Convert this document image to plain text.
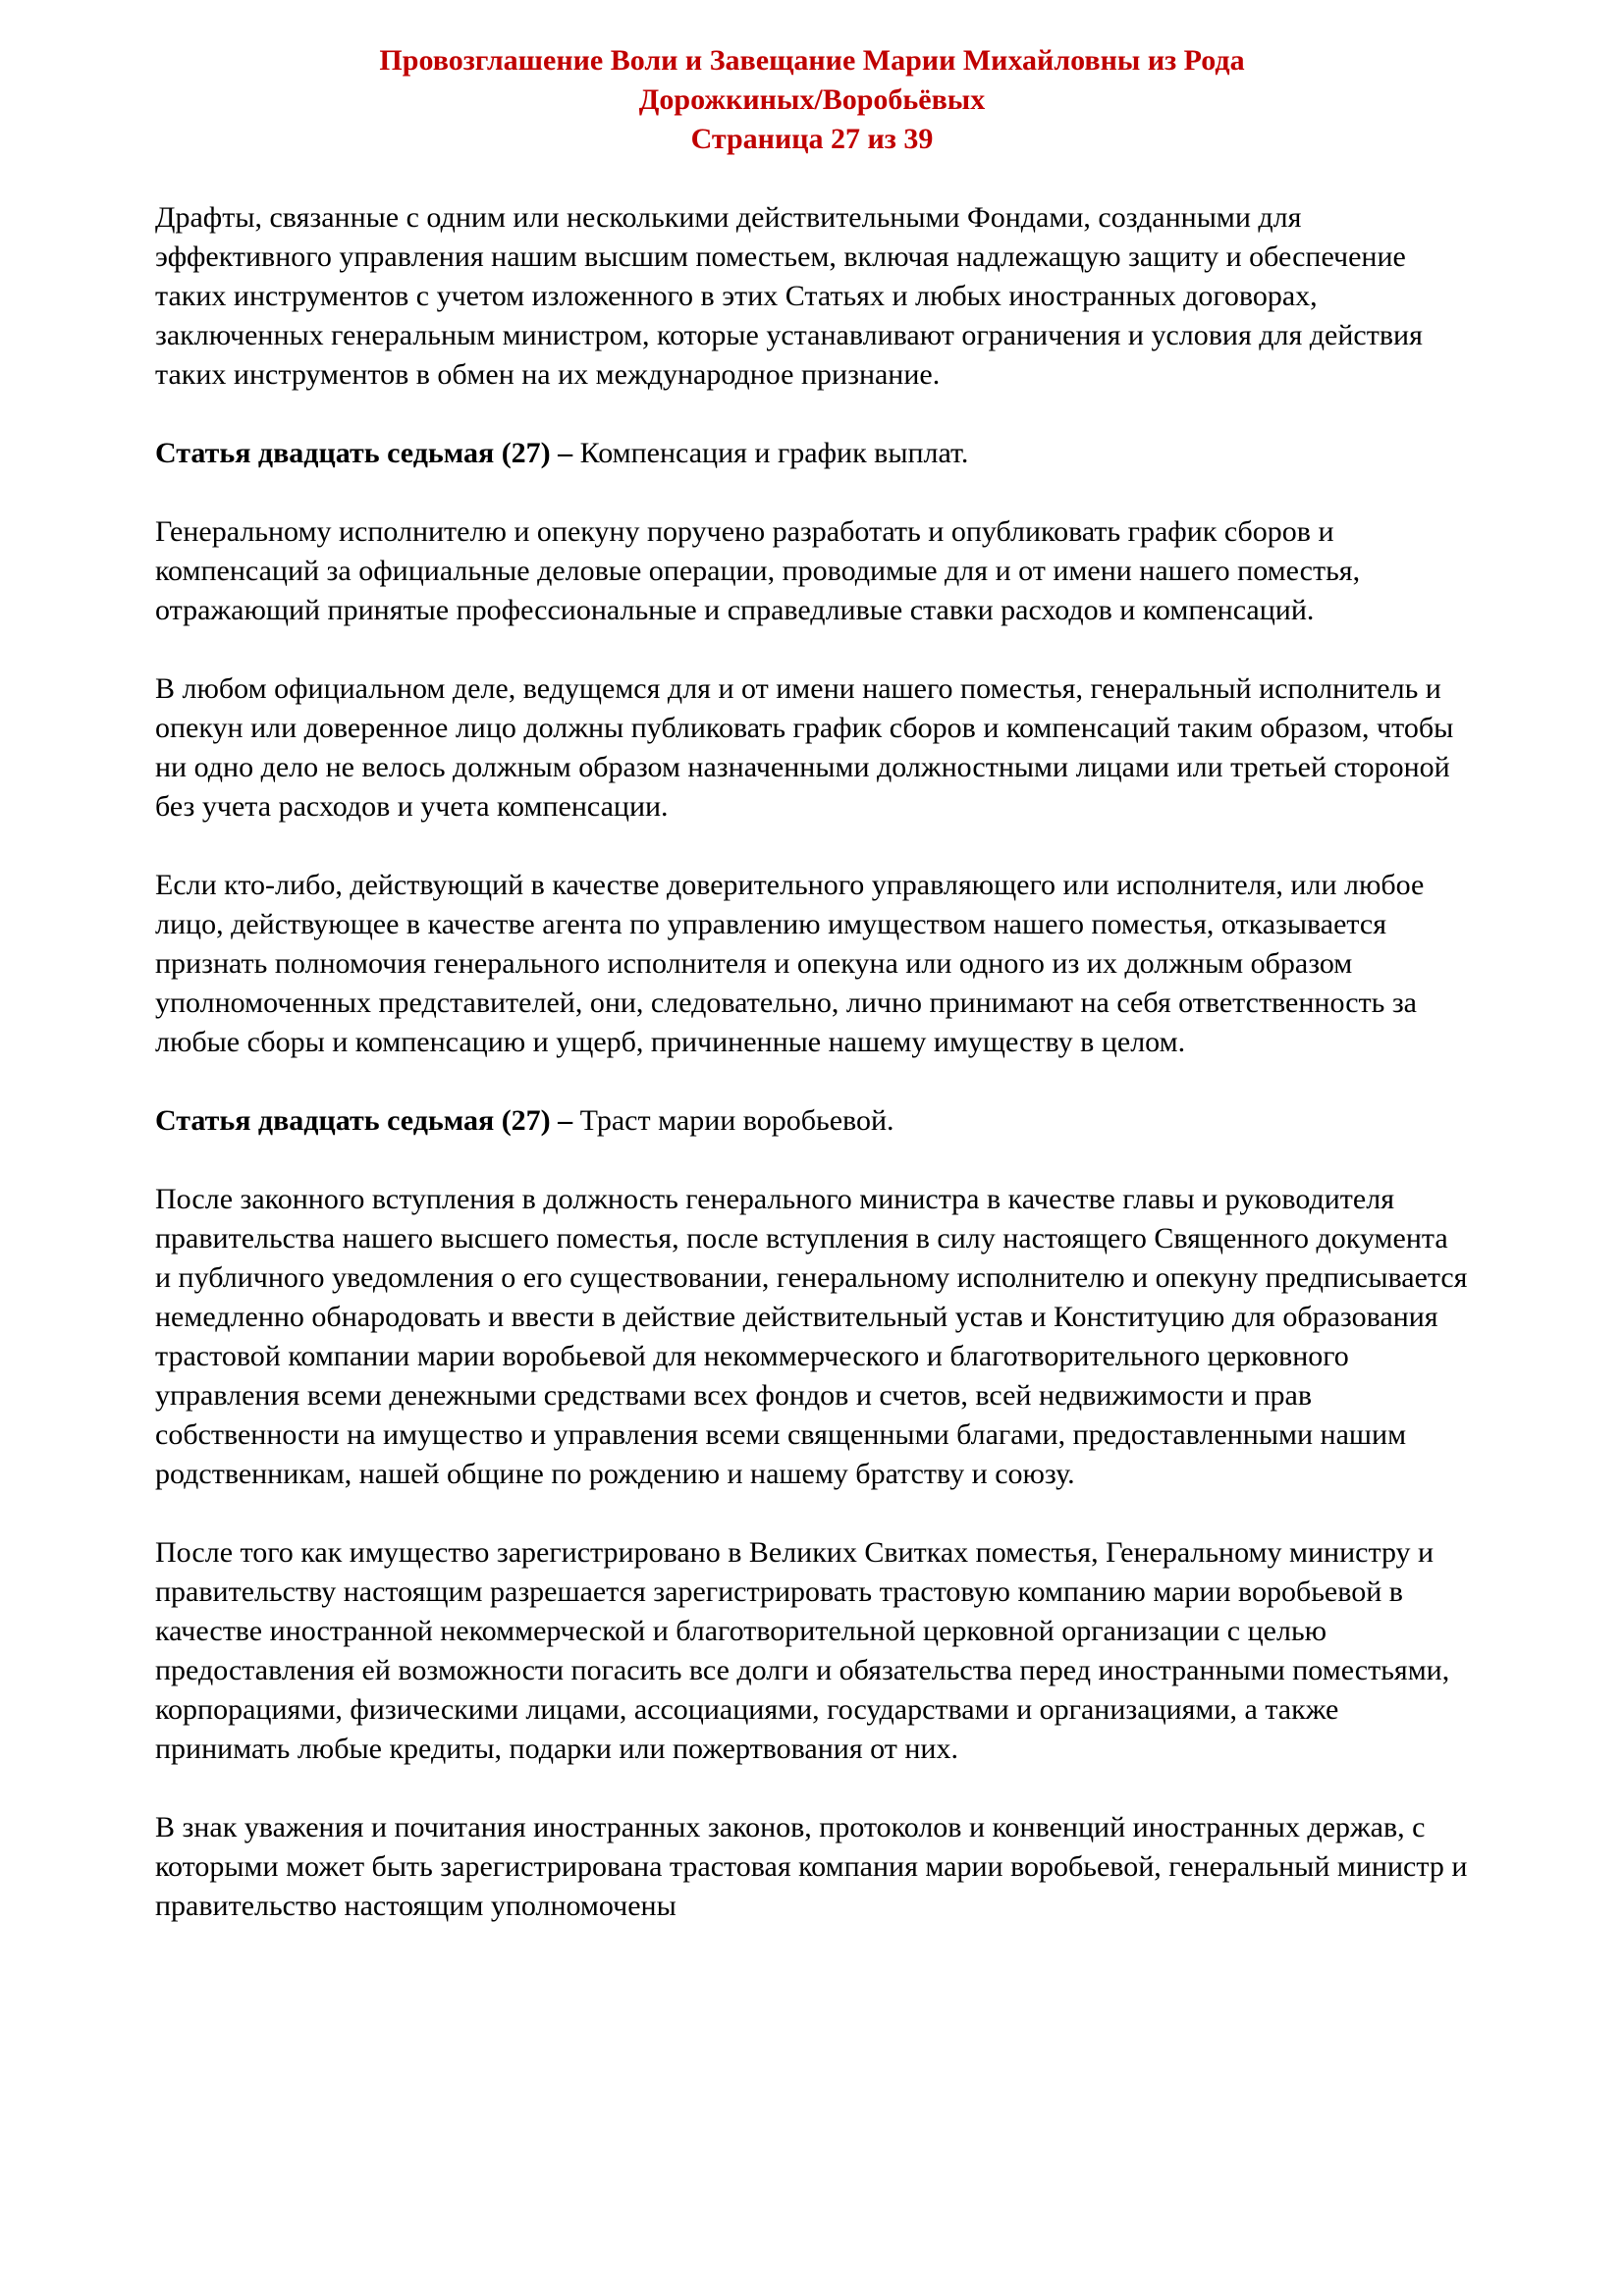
Провозглашение Воли и Завещание Марии Михайловны из Рода

Дорожкиных/Воробьёвых

Страница 27 из 39

Драфты, связанные с одним или несколькими действительными Фондами, созданными для эффективного управления нашим высшим поместьем, включая надлежащую защиту и обеспечение таких инструментов с учетом изложенного в этих Статьях и любых иностранных договорах, заключенных генеральным министром, которые устанавливают ограничения и условия для действия таких инструментов в обмен на их международное признание.

Статья двадцать седьмая (27) – Компенсация и график выплат.

Генеральному исполнителю и опекуну поручено разработать и опубликовать график сборов и компенсаций за официальные деловые операции, проводимые для и от имени нашего поместья, отражающий принятые профессиональные и справедливые ставки расходов и компенсаций.

В любом официальном деле, ведущемся для и от имени нашего поместья, генеральный исполнитель и опекун или доверенное лицо должны публиковать график сборов и компенсаций таким образом, чтобы ни одно дело не велось должным образом назначенными должностными лицами или третьей стороной без учета расходов и учета компенсации.

Если кто-либо, действующий в качестве доверительного управляющего или исполнителя, или любое лицо, действующее в качестве агента по управлению имуществом нашего поместья, отказывается признать полномочия генерального исполнителя и опекуна или одного из их должным образом уполномоченных представителей, они, следовательно, лично принимают на себя ответственность за любые сборы и компенсацию и ущерб, причиненные нашему имуществу в целом.

Статья двадцать седьмая (27) – Траст марии воробьевой.

После законного вступления в должность генерального министра в качестве главы и руководителя правительства нашего высшего поместья, после вступления в силу настоящего Священного документа и публичного уведомления о его существовании, генеральному исполнителю и опекуну предписывается немедленно обнародовать и ввести в действие действительный устав и Конституцию для образования трастовой компании марии воробьевой для некоммерческого и благотворительного церковного управления всеми денежными средствами всех фондов и счетов, всей недвижимости и прав собственности на имущество и управления всеми священными благами, предоставленными нашим родственникам, нашей общине по рождению и нашему братству и союзу.

После того как имущество зарегистрировано в Великих Свитках поместья, Генеральному министру и правительству настоящим разрешается зарегистрировать трастовую компанию марии воробьевой в качестве иностранной некоммерческой и благотворительной церковной организации с целью предоставления ей возможности погасить все долги и обязательства перед иностранными поместьями, корпорациями, физическими лицами, ассоциациями, государствами и организациями, а также принимать любые кредиты, подарки или пожертвования от них.

В знак уважения и почитания иностранных законов, протоколов и конвенций иностранных держав, с которыми может быть зарегистрирована трастовая компания марии воробьевой, генеральный министр и правительство настоящим уполномочены
